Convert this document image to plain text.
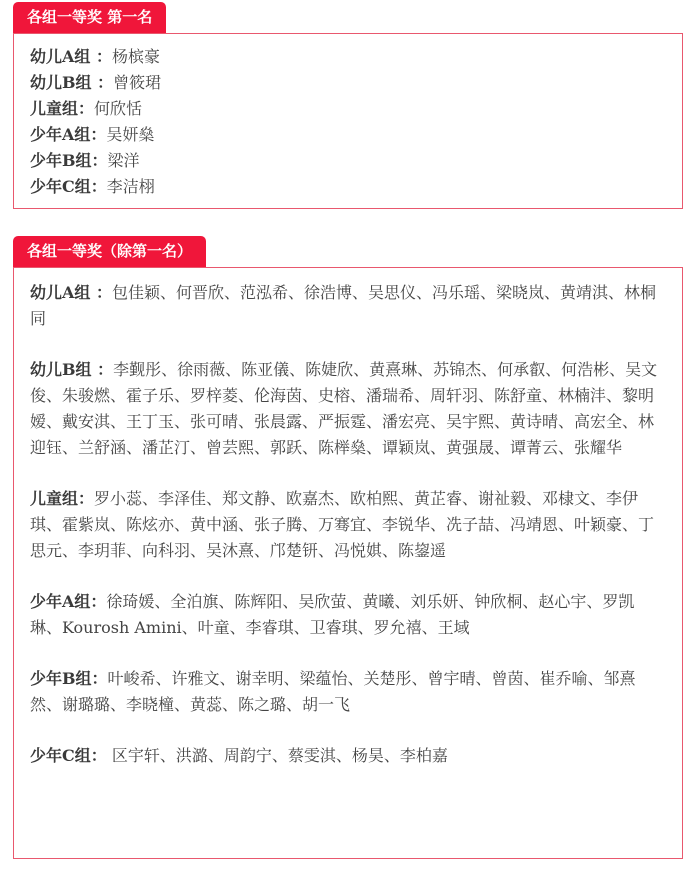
各组一等奖 第一名

幼儿A组 ：杨槟豪

幼儿B组 ：曾筱珺

儿童组：何欣恬

少年A组：吴妍燊

少年B组：梁洋

少年C组：李洁栩

各组一等奖（除第一名）

幼儿A组 ：包佳颖、何晋欣、范泓希、徐浩博、吴思仪、冯乐瑶、梁晓岚、黄靖淇、林桐同

幼儿B组 ：李觐彤、徐雨薇、陈亚儀、陈婕欣、黄熹琳、苏锦杰、何承叡、何浩彬、吴文俊、朱骏燃、霍子乐、罗梓菱、伦海茵、史榕、潘瑞希、周轩羽、陈舒童、林楠沣、黎明嫒、戴安淇、王丁玉、张可晴、张晨露、严振霆、潘宏亮、吴宇熙、黄诗晴、高宏全、林迎钰、兰舒涵、潘芷汀、曾芸熙、郭跃、陈榉燊、谭颖岚、黄强晟、谭菁云、张耀华

儿童组：罗小蕊、李泽佳、郑文静、欧嘉杰、欧柏熙、黄芷睿、谢祉毅、邓棣文、李伊琪、霍紫岚、陈炫亦、黄中涵、张子腾、万骞宜、李锐华、冼子喆、冯靖恩、叶颖豪、丁思元、李玥菲、向科羽、吴沐熹、邝楚钘、冯悦娸、陈鋆遥

少年A组：徐琦媛、全泊旗、陈辉阳、吴欣萤、黄曦、刘乐妍、钟欣桐、赵心宇、罗凯琳、Kourosh Amini、叶童、李睿琪、卫睿琪、罗允禧、王域

少年B组：叶峻希、许雅文、谢幸明、梁蕴怡、关楚彤、曾宇晴、曾茵、崔乔喻、邹熹然、谢璐璐、李晓橦、黄蕊、陈之璐、胡一飞

少年C组： 区宇轩、洪潞、周韵宁、蔡雯淇、杨昊、李柏嘉
